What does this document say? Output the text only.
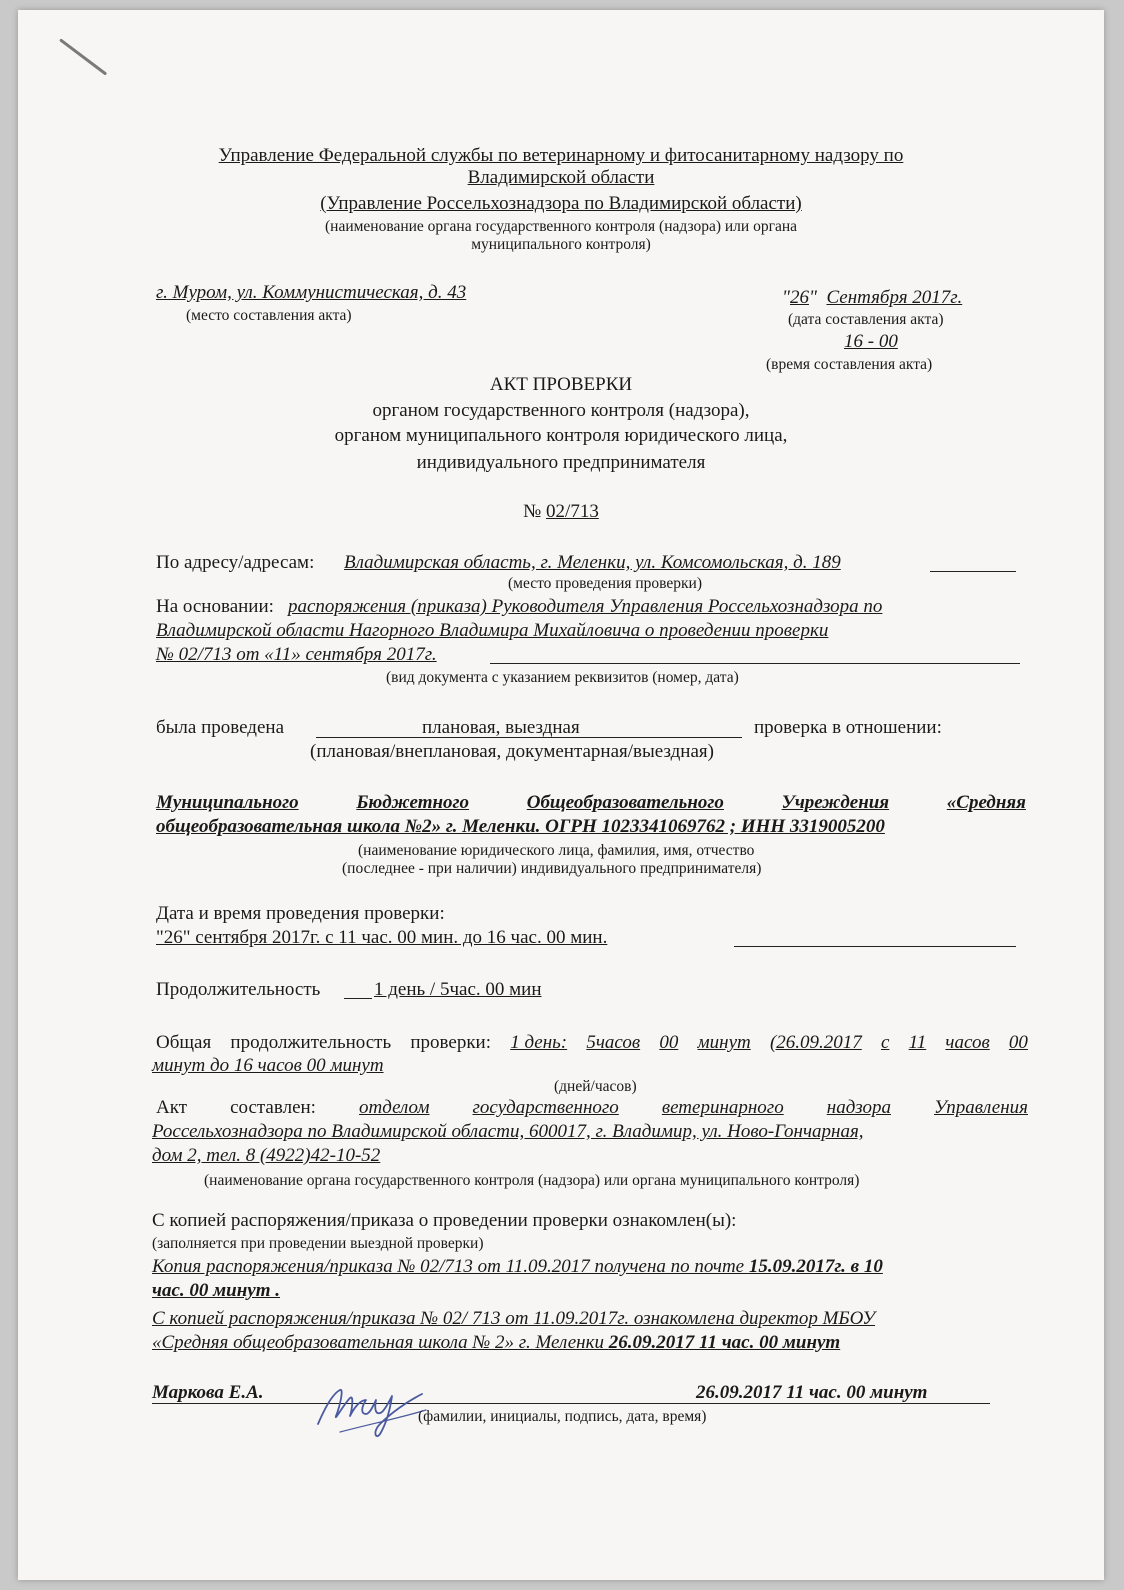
Управление Федеральной службы по ветеринарному и фитосанитарному надзору по
Владимирской области
(Управление Россельхознадзора по Владимирской области)
(наименование органа государственного контроля (надзора) или органа
муниципального контроля)
г. Муром, ул. Коммунистическая, д. 43
(место составления акта)
"26" Сентября 2017г.
(дата составления акта)
16 - 00
(время составления акта)
АКТ ПРОВЕРКИ
органом государственного контроля (надзора),
органом муниципального контроля юридического лица,
индивидуального предпринимателя
№ 02/713
По адресу/адресам: Владимирская область, г. Меленки, ул. Комсомольская, д. 189
(место проведения проверки)
На основании: распоряжения (приказа) Руководителя Управления Россельхознадзора по
Владимирской области Нагорного Владимира Михайловича о проведении проверки
№ 02/713 от «11» сентября 2017г.
(вид документа с указанием реквизитов (номер, дата)
была проведена	плановая, выездная	проверка в отношении:
(плановая/внеплановая, документарная/выездная)
Муниципального	Бюджетного	Общеобразовательного	Учреждения	«Средняя
общеобразовательная школа №2» г. Меленки. ОГРН 1023341069762 ; ИНН 3319005200
(наименование юридического лица, фамилия, имя, отчество
(последнее - при наличии) индивидуального предпринимателя)
Дата и время проведения проверки:
"26" сентября 2017г. с 11 час. 00 мин. до 16 час. 00 мин.
Продолжительность	1 день / 5час. 00 мин
Общая продолжительность проверки: 1 день: 5часов 00 минут (26.09.2017 с 11 часов 00
минут до 16 часов 00 минут
(дней/часов)
Акт составлен: отделом государственного ветеринарного надзора Управления
Россельхознадзора по Владимирской области, 600017, г. Владимир, ул. Ново-Гончарная,
дом 2, тел. 8 (4922)42-10-52
(наименование органа государственного контроля (надзора) или органа муниципального контроля)
С копией распоряжения/приказа о проведении проверки ознакомлен(ы):
(заполняется при проведении выездной проверки)
Копия распоряжения/приказа № 02/713 от 11.09.2017 получена по почте 15.09.2017г. в 10
час. 00 минут .
С копией распоряжения/приказа № 02/ 713 от 11.09.2017г. ознакомлена директор МБОУ
«Средняя общеобразовательная школа № 2» г. Меленки 26.09.2017 11 час. 00 минут
Маркова Е.А.	26.09.2017 11 час. 00 минут
(фамилии, инициалы, подпись, дата, время)
